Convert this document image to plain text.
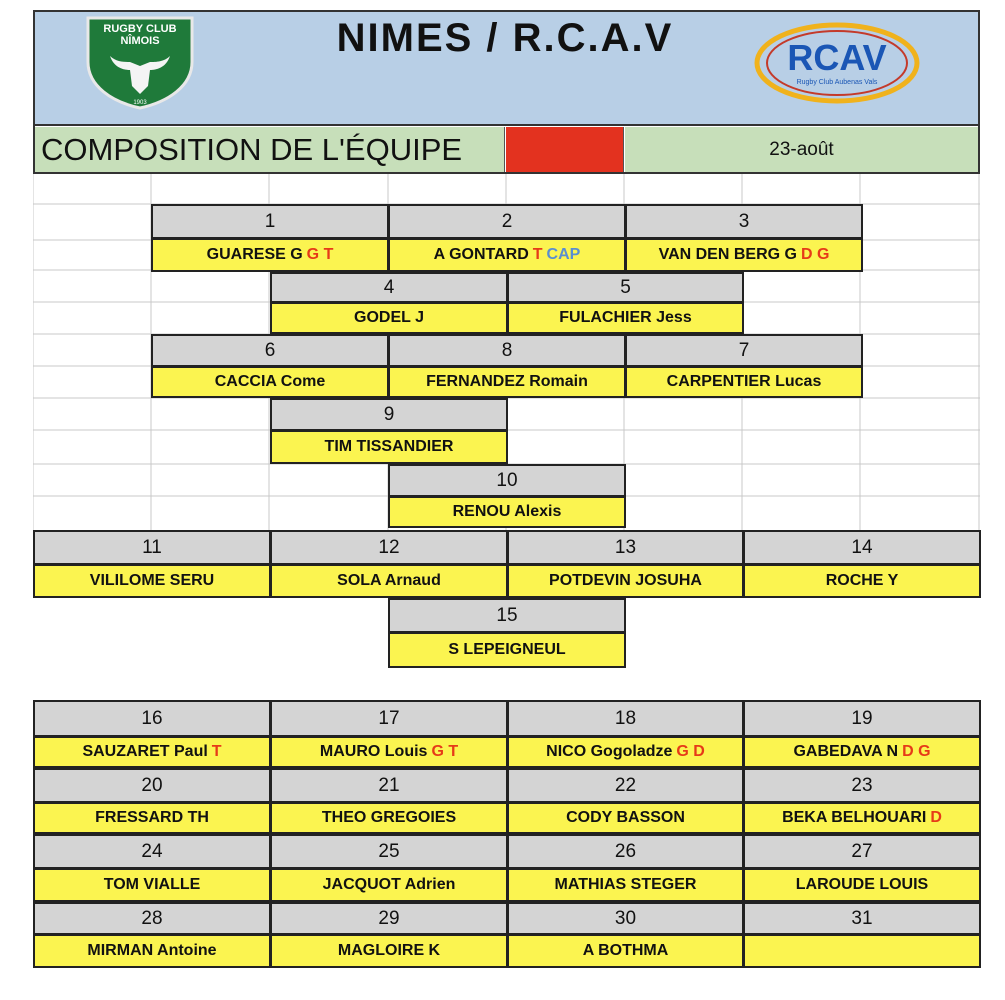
RUGBY CLUB
NÎMOIS
1903
NIMES / R.C.A.V	RCAV
Rugby Club Aubenas Vals
COMPOSITION DE L'ÉQUIPE	23-août
1
GUARESE G G T
2
A GONTARD T CAP
3
VAN DEN BERG G D G
4
GODEL J
5
FULACHIER Jess
6
CACCIA Come
8
FERNANDEZ Romain
7
CARPENTIER Lucas
9
TIM TISSANDIER
10
RENOU Alexis
11
VILILOME SERU
12
SOLA Arnaud
13
POTDEVIN JOSUHA
14
ROCHE Y
15
S LEPEIGNEUL
16
SAUZARET Paul T
17
MAURO Louis G T
18
NICO Gogoladze G D
19
GABEDAVA N D G
20
FRESSARD TH
21
THEO GREGOIES
22
CODY BASSON
23
BEKA BELHOUARI D
24
TOM VIALLE
25
JACQUOT Adrien
26
MATHIAS STEGER
27
LAROUDE LOUIS
28
MIRMAN Antoine
29
MAGLOIRE K
30
A BOTHMA
31
